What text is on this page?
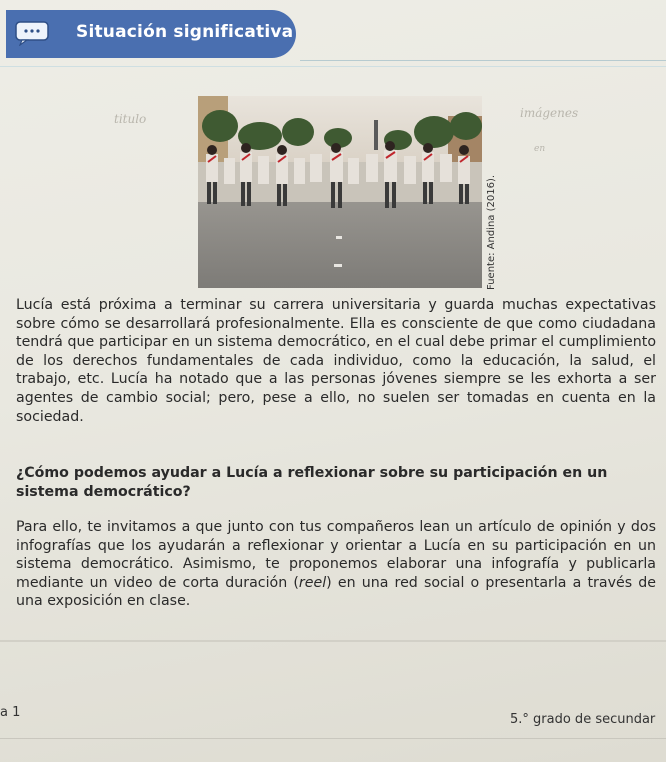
Situación significativa
titulo	imágenes
en
Fuente: Andina (2016).

Lucía está próxima a terminar su carrera universitaria y guarda muchas expectativas sobre cómo se desarrollará profesionalmente. Ella es consciente de que como ciudadana tendrá que participar en un sistema democrático, en el cual debe primar el cumplimiento de los derechos fundamentales de cada individuo, como la educación, la salud, el trabajo, etc. Lucía ha notado que a las personas jóvenes siempre se les exhorta a ser agentes de cambio social; pero, pese a ello, no suelen ser tomadas en cuenta en la sociedad.

¿Cómo podemos ayudar a Lucía a reflexionar sobre su participación en un sistema democrático?

Para ello, te invitamos a que junto con tus compañeros lean un artículo de opinión y dos infografías que los ayudarán a reflexionar y orientar a Lucía en su participación en un sistema democrático. Asimismo, te proponemos elaborar una infografía y publicarla mediante un video de corta duración (reel) en una red social o presentarla a través de una exposición en clase.

a 1	5.° grado de secundar
